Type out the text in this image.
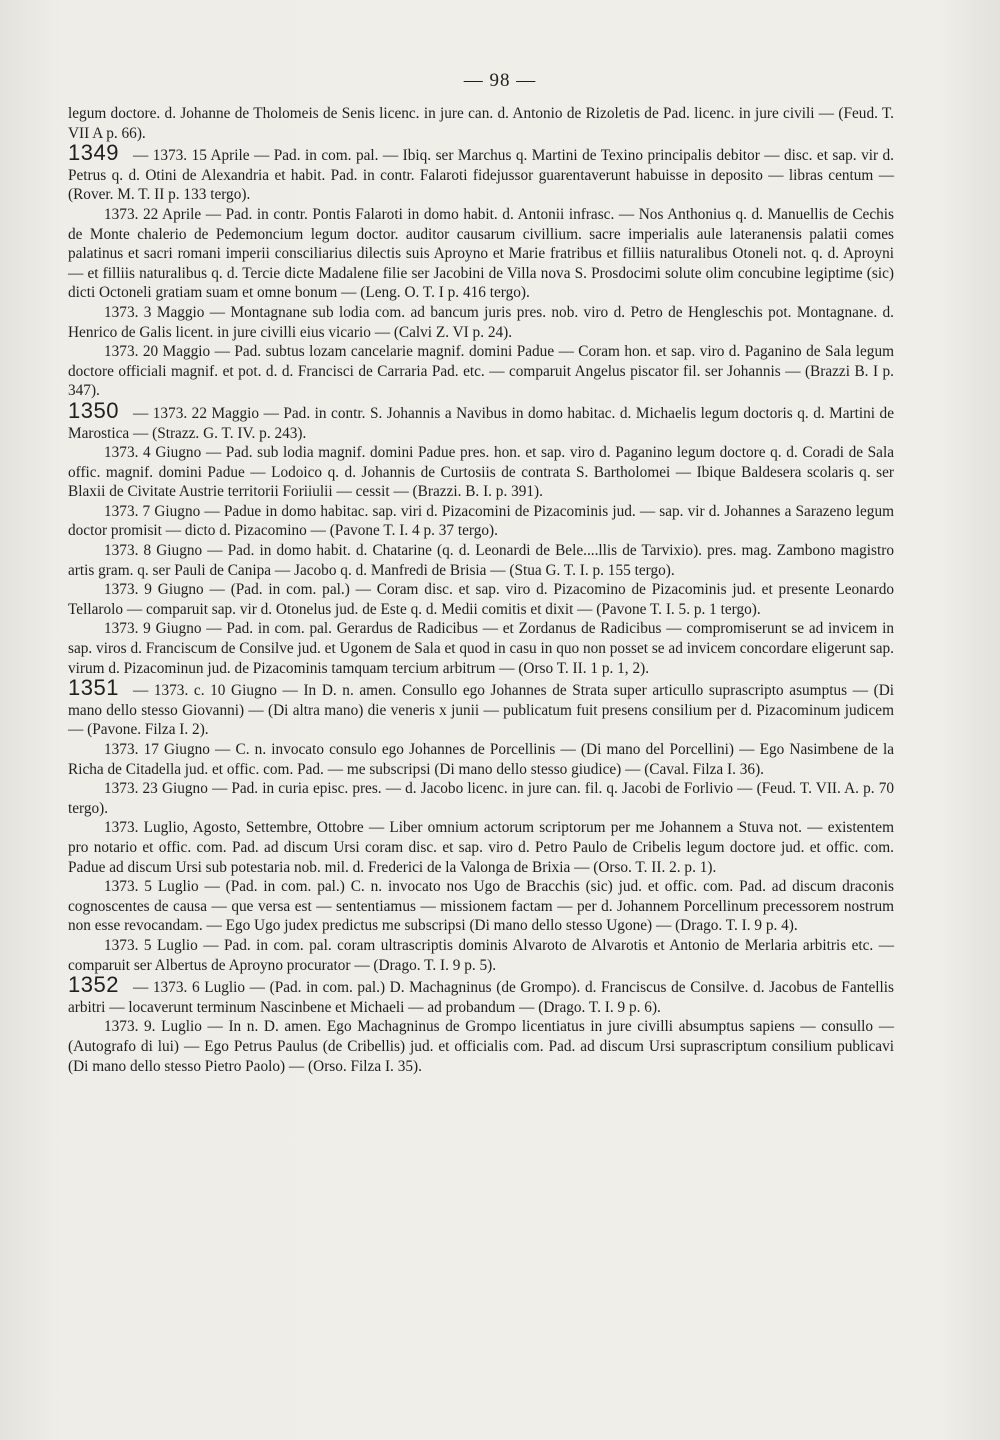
— 98 —

legum doctore. d. Johanne de Tholomeis de Senis licenc. in jure can. d. Antonio de Rizoletis de Pad. licenc. in jure civili — (Feud. T. VII A p. 66).

1349 — 1373. 15 Aprile — Pad. in com. pal. — Ibiq. ser Marchus q. Martini de Texino principalis debitor — disc. et sap. vir d. Petrus q. d. Otini de Alexandria et habit. Pad. in contr. Falaroti fidejussor guarentaverunt habuisse in deposito — libras centum — (Rover. M. T. II p. 133 tergo).

1373. 22 Aprile — Pad. in contr. Pontis Falaroti in domo habit. d. Antonii infrasc. — Nos Anthonius q. d. Manuellis de Cechis de Monte chalerio de Pedemoncium legum doctor. auditor causarum civillium. sacre imperialis aule lateranensis palatii comes palatinus et sacri romani imperii consciliarius dilectis suis Aproyno et Marie fratribus et filliis naturalibus Otoneli not. q. d. Aproyni — et filliis naturalibus q. d. Tercie dicte Madalene filie ser Jacobini de Villa nova S. Prosdocimi solute olim concubine legiptime (sic) dicti Octoneli gratiam suam et omne bonum — (Leng. O. T. I p. 416 tergo).

1373. 3 Maggio — Montagnane sub lodia com. ad bancum juris pres. nob. viro d. Petro de Hengleschis pot. Montagnane. d. Henrico de Galis licent. in jure civilli eius vicario — (Calvi Z. VI p. 24).

1373. 20 Maggio — Pad. subtus lozam cancelarie magnif. domini Padue — Coram hon. et sap. viro d. Paganino de Sala legum doctore officiali magnif. et pot. d. d. Francisci de Carraria Pad. etc. — comparuit Angelus piscator fil. ser Johannis — (Brazzi B. I p. 347).

1350 — 1373. 22 Maggio — Pad. in contr. S. Johannis a Navibus in domo habitac. d. Michaelis legum doctoris q. d. Martini de Marostica — (Strazz. G. T. IV. p. 243).

1373. 4 Giugno — Pad. sub lodia magnif. domini Padue pres. hon. et sap. viro d. Paganino legum doctore q. d. Coradi de Sala offic. magnif. domini Padue — Lodoico q. d. Johannis de Curtosiis de contrata S. Bartholomei — Ibique Baldesera scolaris q. ser Blaxii de Civitate Austrie territorii Foriiulii — cessit — (Brazzi. B. I. p. 391).

1373. 7 Giugno — Padue in domo habitac. sap. viri d. Pizacomini de Pizacominis jud. — sap. vir d. Johannes a Sarazeno legum doctor promisit — dicto d. Pizacomino — (Pavone T. I. 4 p. 37 tergo).

1373. 8 Giugno — Pad. in domo habit. d. Chatarine (q. d. Leonardi de Bele....llis de Tarvixio). pres. mag. Zambono magistro artis gram. q. ser Pauli de Canipa — Jacobo q. d. Manfredi de Brisia — (Stua G. T. I. p. 155 tergo).

1373. 9 Giugno — (Pad. in com. pal.) — Coram disc. et sap. viro d. Pizacomino de Pizacominis jud. et presente Leonardo Tellarolo — comparuit sap. vir d. Otonelus jud. de Este q. d. Medii comitis et dixit — (Pavone T. I. 5. p. 1 tergo).

1373. 9 Giugno — Pad. in com. pal. Gerardus de Radicibus — et Zordanus de Radicibus — compromiserunt se ad invicem in sap. viros d. Franciscum de Consilve jud. et Ugonem de Sala et quod in casu in quo non posset se ad invicem concordare eligerunt sap. virum d. Pizacominun jud. de Pizacominis tamquam tercium arbitrum — (Orso T. II. 1 p. 1, 2).

1351 — 1373. c. 10 Giugno — In D. n. amen. Consullo ego Johannes de Strata super articullo suprascripto asumptus — (Di mano dello stesso Giovanni) — (Di altra mano) die veneris x junii — publicatum fuit presens consilium per d. Pizacominum judicem — (Pavone. Filza I. 2).

1373. 17 Giugno — C. n. invocato consulo ego Johannes de Porcellinis — (Di mano del Porcellini) — Ego Nasimbene de la Richa de Citadella jud. et offic. com. Pad. — me subscripsi (Di mano dello stesso giudice) — (Caval. Filza I. 36).

1373. 23 Giugno — Pad. in curia episc. pres. — d. Jacobo licenc. in jure can. fil. q. Jacobi de Forlivio — (Feud. T. VII. A. p. 70 tergo).

1373. Luglio, Agosto, Settembre, Ottobre — Liber omnium actorum scriptorum per me Johannem a Stuva not. — existentem pro notario et offic. com. Pad. ad discum Ursi coram disc. et sap. viro d. Petro Paulo de Cribelis legum doctore jud. et offic. com. Padue ad discum Ursi sub potestaria nob. mil. d. Frederici de la Valonga de Brixia — (Orso. T. II. 2. p. 1).

1373. 5 Luglio — (Pad. in com. pal.) C. n. invocato nos Ugo de Bracchis (sic) jud. et offic. com. Pad. ad discum draconis cognoscentes de causa — que versa est — sententiamus — missionem factam — per d. Johannem Porcellinum precessorem nostrum non esse revocandam. — Ego Ugo judex predictus me subscripsi (Di mano dello stesso Ugone) — (Drago. T. I. 9 p. 4).

1373. 5 Luglio — Pad. in com. pal. coram ultrascriptis dominis Alvaroto de Alvarotis et Antonio de Merlaria arbitris etc. — comparuit ser Albertus de Aproyno procurator — (Drago. T. I. 9 p. 5).

1352 — 1373. 6 Luglio — (Pad. in com. pal.) D. Machagninus (de Grompo). d. Franciscus de Consilve. d. Jacobus de Fantellis arbitri — locaverunt terminum Nascinbene et Michaeli — ad probandum — (Drago. T. I. 9 p. 6).

1373. 9. Luglio — In n. D. amen. Ego Machagninus de Grompo licentiatus in jure civilli absumptus sapiens — consullo — (Autografo di lui) — Ego Petrus Paulus (de Cribellis) jud. et officialis com. Pad. ad discum Ursi suprascriptum consilium publicavi (Di mano dello stesso Pietro Paolo) — (Orso. Filza I. 35).
